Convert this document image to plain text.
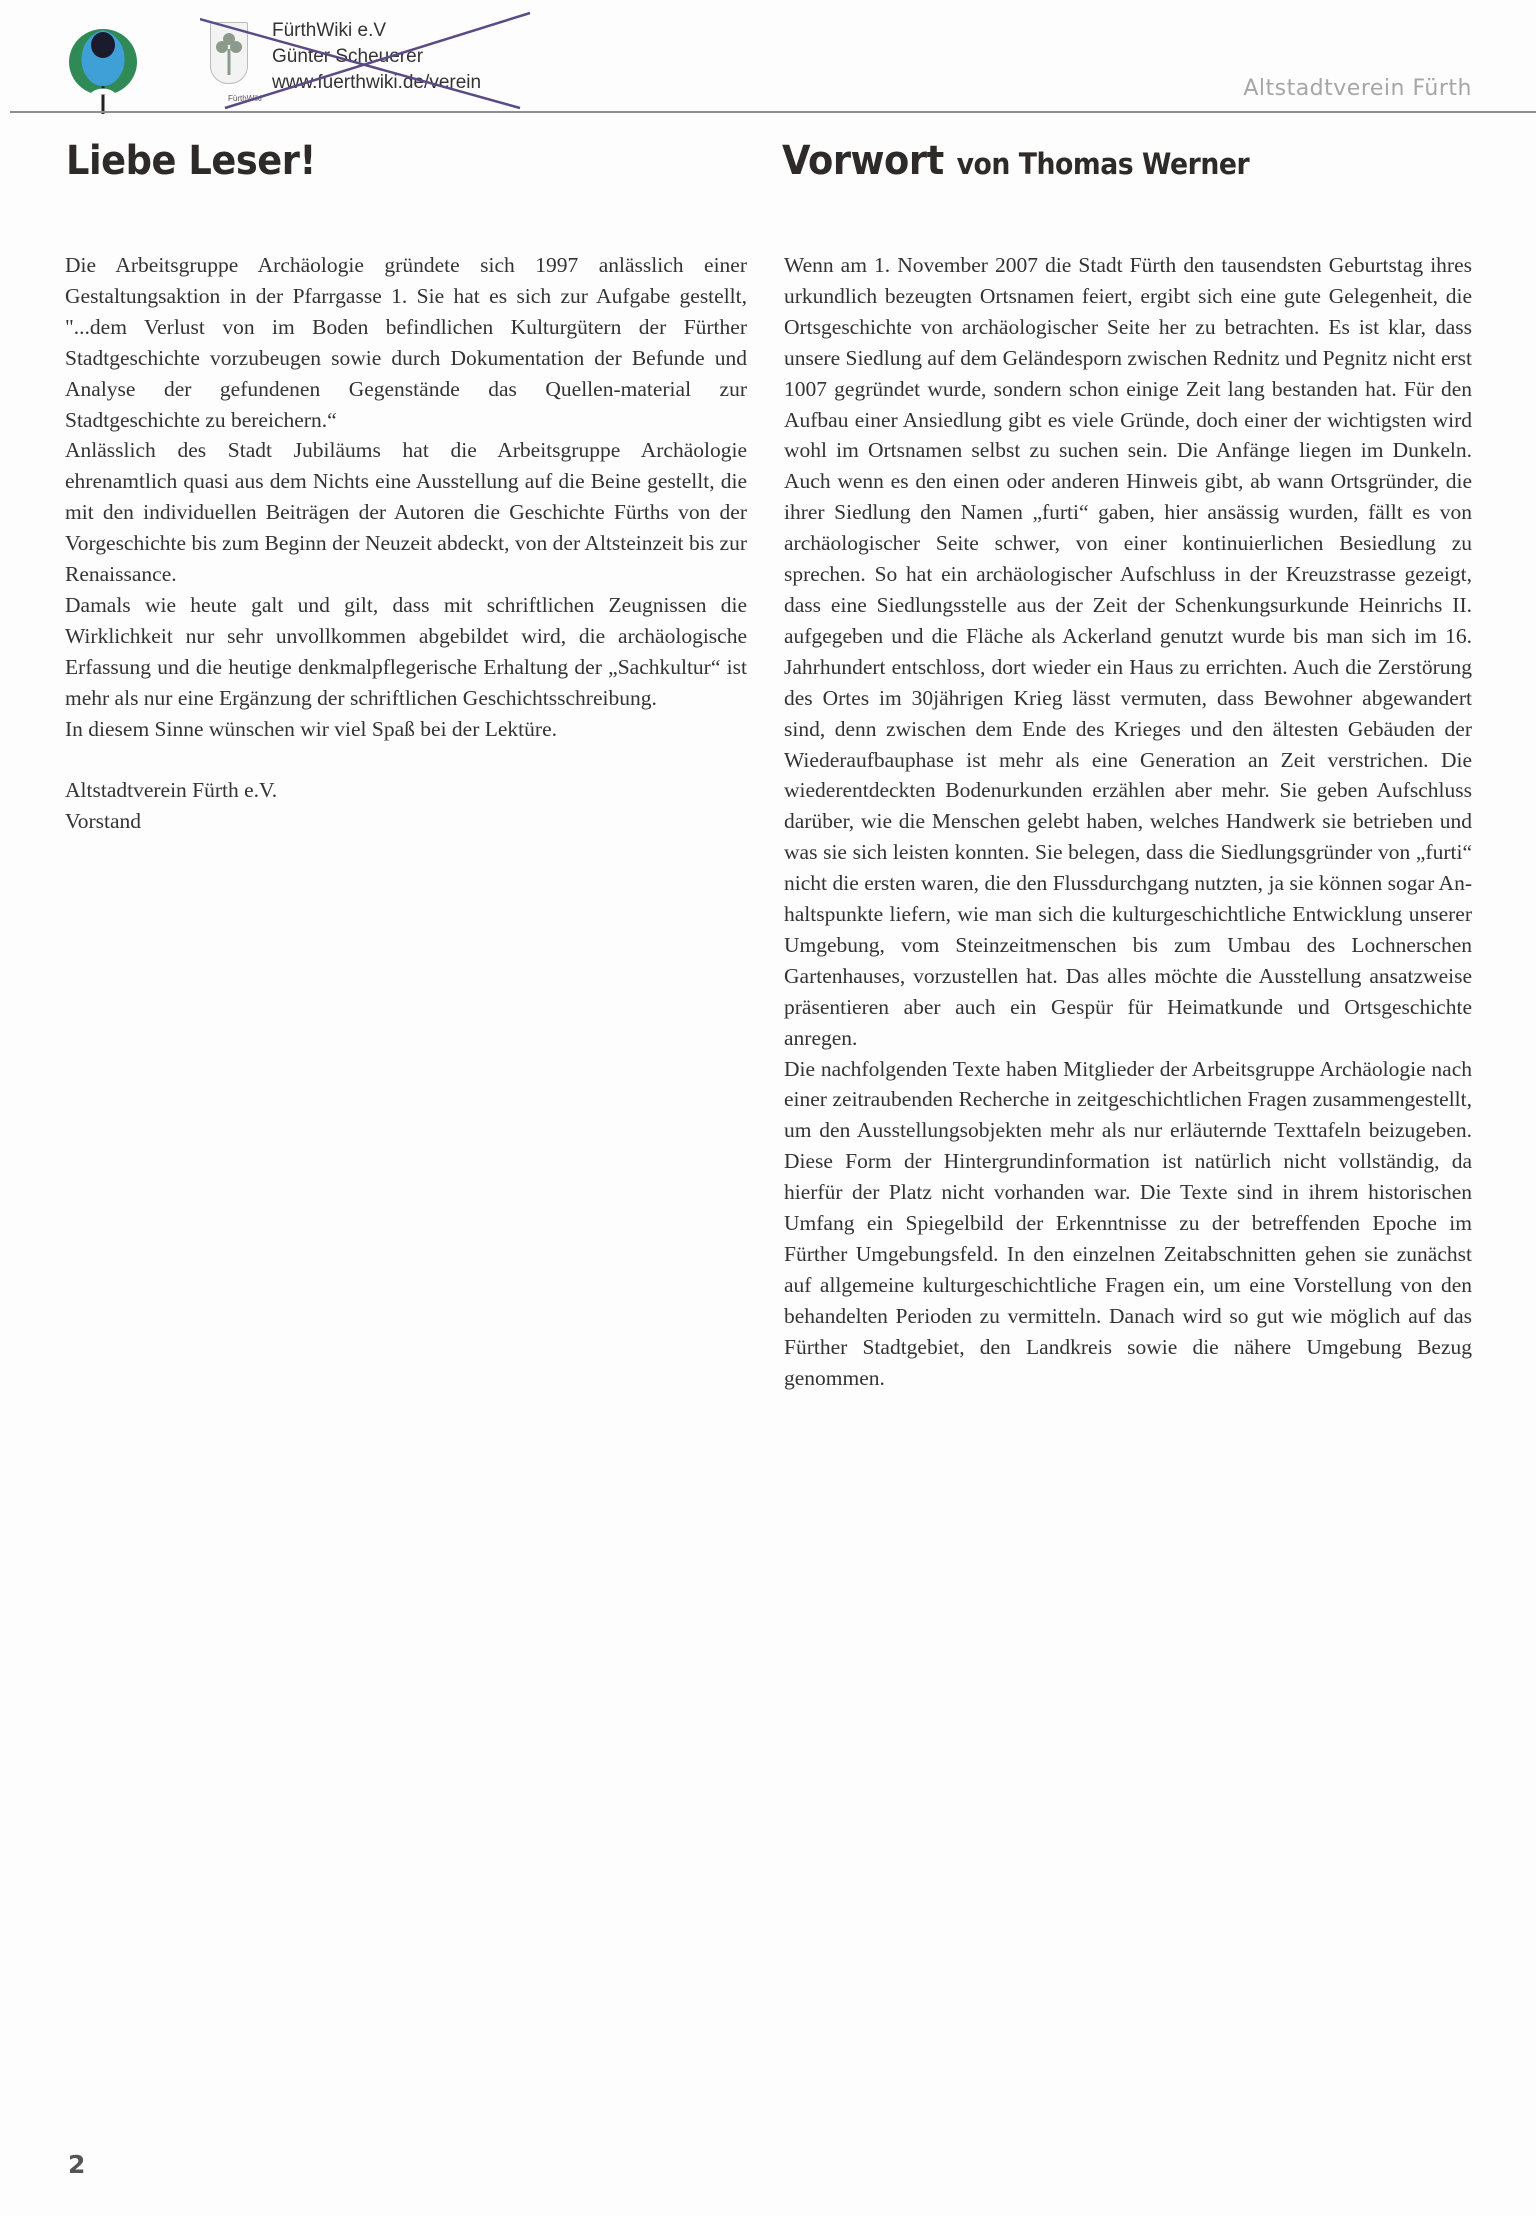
FürthWiki e.V
Günter Scheuerer
FürthWiki
www.fuerthwiki.de/verein	Altstadtverein Fürth
Liebe Leser!	Vorwort von Thomas Werner

Die Arbeitsgruppe Archäologie gründete sich 1997 anlässlich einer Gestaltungsaktion in der Pfarrgasse 1. Sie hat es sich zur Aufgabe gestellt, "...dem Verlust von im Boden befindlichen Kulturgütern der Fürther Stadtgeschichte vorzubeugen sowie durch Dokumentation der Befunde und Analyse der gefundenen Gegenstände das Quellen-material zur Stadtgeschichte zu bereichern.“

Anlässlich des Stadt Jubiläums hat die Arbeitsgruppe Archäologie ehrenamtlich quasi aus dem Nichts eine Ausstellung auf die Beine gestellt, die mit den individuellen Beiträgen der Autoren die Geschichte Fürths von der Vorgeschichte bis zum Beginn der Neuzeit abdeckt, von der Altsteinzeit bis zur Renaissance.

Damals wie heute galt und gilt, dass mit schriftlichen Zeugnissen die Wirklichkeit nur sehr unvollkommen abgebildet wird, die archäologische Erfassung und die heutige denkmalpflegerische Erhaltung der „Sachkultur“ ist mehr als nur eine Ergänzung der schriftlichen Geschichtsschreibung.

In diesem Sinne wünschen wir viel Spaß bei der Lektüre.

Altstadtverein Fürth e.V.

Vorstand

Wenn am 1. November 2007 die Stadt Fürth den tausendsten Geburtstag ihres urkundlich bezeugten Ortsnamen feiert, ergibt sich eine gute Gelegenheit, die Ortsgeschichte von archäologischer Seite her zu betrachten. Es ist klar, dass unsere Siedlung auf dem Geländesporn zwischen Rednitz und Pegnitz nicht erst 1007 gegründet wurde, sondern schon einige Zeit lang bestanden hat. Für den Aufbau einer Ansiedlung gibt es viele Gründe, doch einer der wichtigsten wird wohl im Ortsnamen selbst zu suchen sein. Die Anfänge liegen im Dunkeln. Auch wenn es den einen oder anderen Hinweis gibt, ab wann Ortsgründer, die ihrer Siedlung den Namen „furti“ gaben, hier ansässig wurden, fällt es von archäologischer Seite schwer, von einer kontinuierlichen Besiedlung zu sprechen. So hat ein archäologischer Aufschluss in der Kreuzstrasse gezeigt, dass eine Siedlungsstelle aus der Zeit der Schenkungsurkunde Heinrichs II. aufgegeben und die Fläche als Ackerland genutzt wurde bis man sich im 16. Jahrhundert entschloss, dort wieder ein Haus zu errichten. Auch die Zerstörung des Ortes im 30jährigen Krieg lässt vermuten, dass Bewohner abgewandert sind, denn zwischen dem Ende des Krieges und den ältesten Gebäuden der Wiederaufbauphase ist mehr als eine Generation an Zeit verstrichen. Die wiederentdeckten Bodenurkunden erzählen aber mehr. Sie geben Aufschluss darüber, wie die Menschen gelebt haben, welches Handwerk sie betrieben und was sie sich leisten konnten. Sie belegen, dass die Siedlungsgründer von „furti“ nicht die ersten waren, die den Flussdurchgang nutzten, ja sie können sogar Anhaltspunkte liefern, wie man sich die kulturgeschichtliche Entwicklung unserer Umgebung, vom Steinzeitmenschen bis zum Umbau des Lochnerschen Gartenhauses, vorzustellen hat. Das alles möchte die Ausstellung ansatzweise präsentieren aber auch ein Gespür für Heimatkunde und Ortsgeschichte anregen.

Die nachfolgenden Texte haben Mitglieder der Arbeitsgruppe Archäologie nach einer zeitraubenden Recherche in zeitgeschichtlichen Fragen zusammengestellt, um den Ausstellungsobjekten mehr als nur erläuternde Texttafeln beizugeben. Diese Form der Hintergrundinformation ist natürlich nicht vollständig, da hierfür der Platz nicht vorhanden war. Die Texte sind in ihrem historischen Umfang ein Spiegelbild der Erkenntnisse zu der betreffenden Epoche im Fürther Umgebungsfeld. In den einzelnen Zeitabschnitten gehen sie zunächst auf allgemeine kulturgeschichtliche Fragen ein, um eine Vorstellung von den behandelten Perioden zu vermitteln. Danach wird so gut wie möglich auf das Fürther Stadtgebiet, den Landkreis sowie die nähere Umgebung Bezug genommen.

2
